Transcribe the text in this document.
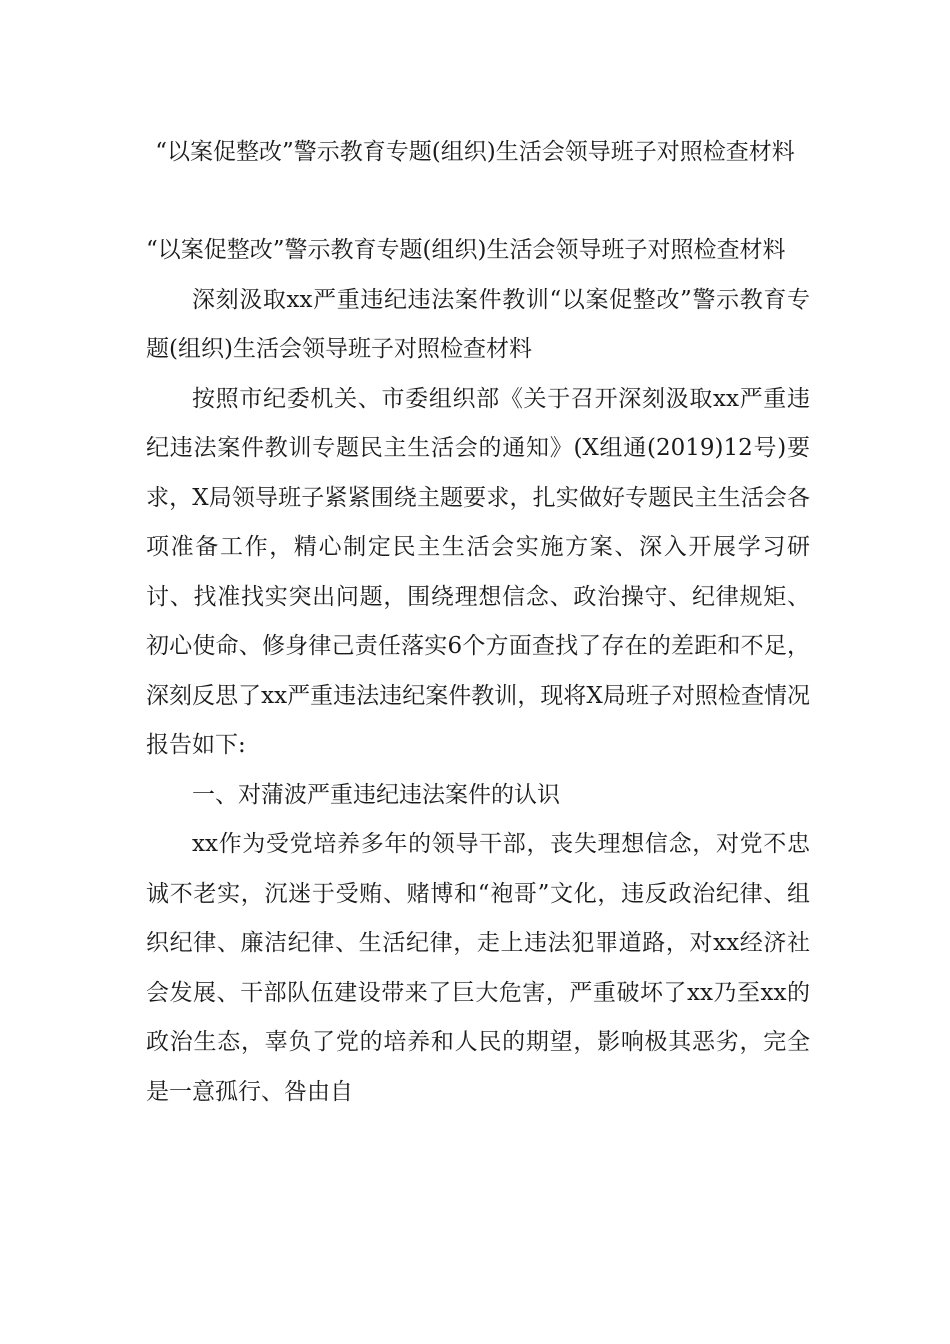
“以案促整改”警示教育专题(组织)生活会领导班子对照检查材料

“以案促整改”警示教育专题(组织)生活会领导班子对照检查材料

深刻汲取xx严重违纪违法案件教训“以案促整改”警示教育专题(组织)生活会领导班子对照检查材料

按照市纪委机关、市委组织部《关于召开深刻汲取xx严重违纪违法案件教训专题民主生活会的通知》(X组通(2019)12号)要求，X局领导班子紧紧围绕主题要求，扎实做好专题民主生活会各项准备工作，精心制定民主生活会实施方案、深入开展学习研讨、找准找实突出问题，围绕理想信念、政治操守、纪律规矩、初心使命、修身律己责任落实6个方面查找了存在的差距和不足，深刻反思了xx严重违法违纪案件教训，现将X局班子对照检查情况报告如下:

一、对蒲波严重违纪违法案件的认识

xx作为受党培养多年的领导干部，丧失理想信念，对党不忠诚不老实，沉迷于受贿、赌博和“袍哥”文化，违反政治纪律、组织纪律、廉洁纪律、生活纪律，走上违法犯罪道路，对xx经济社会发展、干部队伍建设带来了巨大危害，严重破坏了xx乃至xx的政治生态，辜负了党的培养和人民的期望，影响极其恶劣，完全是一意孤行、咎由自
